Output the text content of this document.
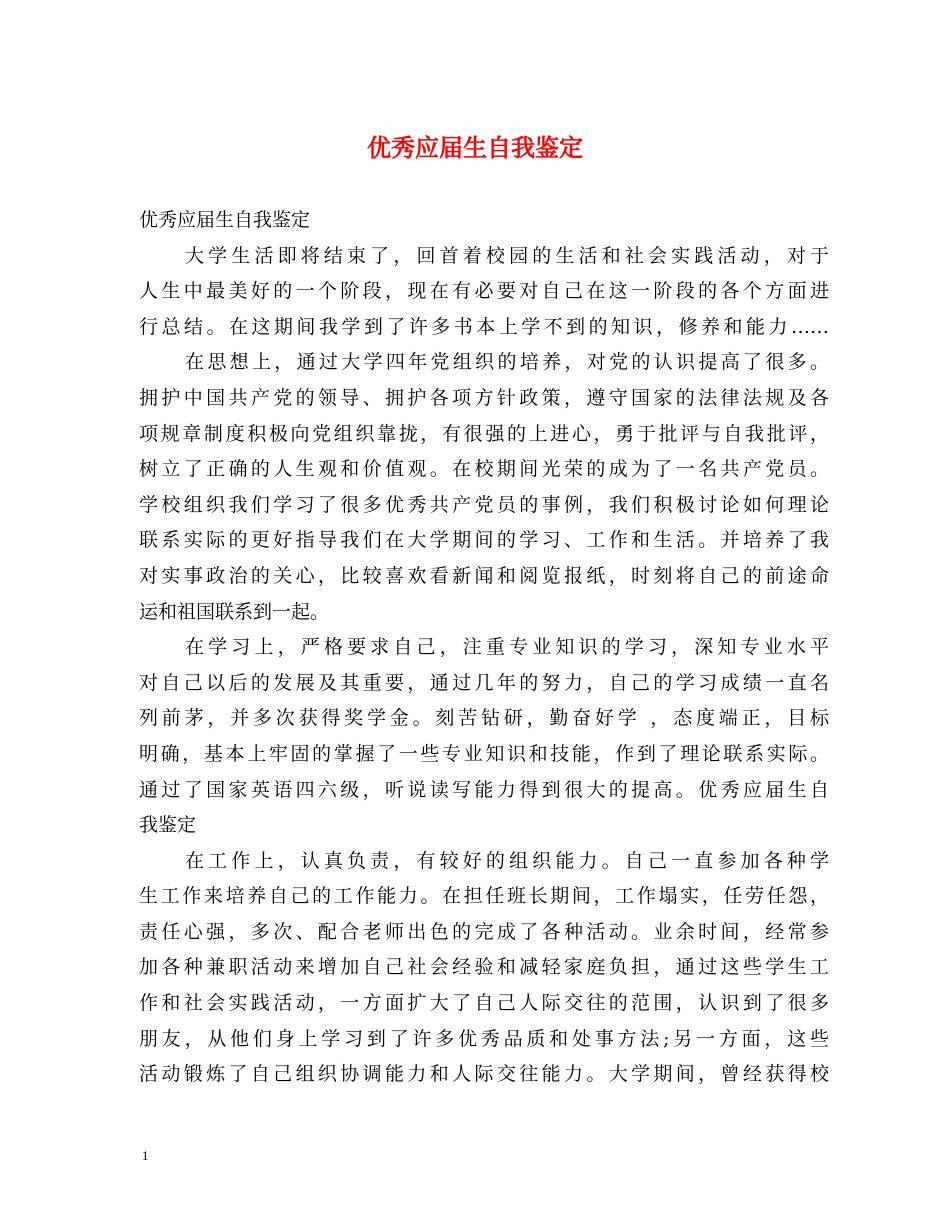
优秀应届生自我鉴定
优秀应届生自我鉴定
大学生活即将结束了，回首着校园的生活和社会实践活动，对于
人生中最美好的一个阶段，现在有必要对自己在这一阶段的各个方面进
行总结。在这期间我学到了许多书本上学不到的知识，修养和能力……
在思想上，通过大学四年党组织的培养，对党的认识提高了很多。
拥护中国共产党的领导、拥护各项方针政策，遵守国家的法律法规及各
项规章制度积极向党组织靠拢，有很强的上进心，勇于批评与自我批评，
树立了正确的人生观和价值观。在校期间光荣的成为了一名共产党员。
学校组织我们学习了很多优秀共产党员的事例，我们积极讨论如何理论
联系实际的更好指导我们在大学期间的学习、工作和生活。并培养了我
对实事政治的关心，比较喜欢看新闻和阅览报纸，时刻将自己的前途命
运和祖国联系到一起。
在学习上，严格要求自己，注重专业知识的学习，深知专业水平
对自己以后的发展及其重要，通过几年的努力，自己的学习成绩一直名
列前茅，并多次获得奖学金。刻苦钻研，勤奋好学 ，态度端正，目标
明确，基本上牢固的掌握了一些专业知识和技能，作到了理论联系实际。
通过了国家英语四六级，听说读写能力得到很大的提高。优秀应届生自
我鉴定
在工作上，认真负责，有较好的组织能力。自己一直参加各种学
生工作来培养自己的工作能力。在担任班长期间，工作塌实，任劳任怨，
责任心强，多次、配合老师出色的完成了各种活动。业余时间，经常参
加各种兼职活动来增加自己社会经验和减轻家庭负担，通过这些学生工
作和社会实践活动，一方面扩大了自己人际交往的范围，认识到了很多
朋友，从他们身上学习到了许多优秀品质和处事方法;另一方面，这些
活动锻炼了自己组织协调能力和人际交往能力。大学期间，曾经获得校
1
